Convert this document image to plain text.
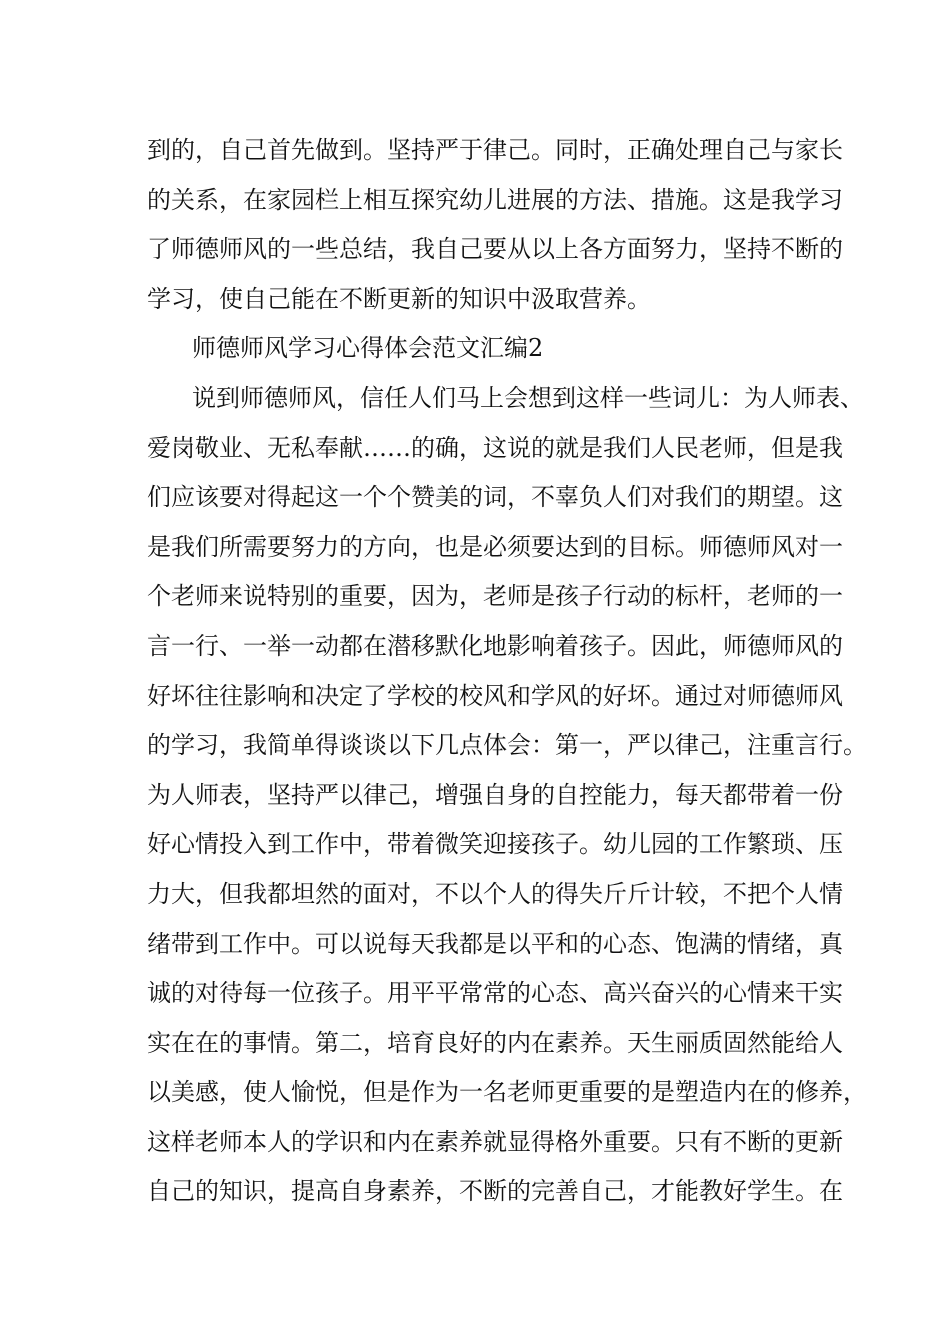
到的，自己首先做到。坚持严于律己。同时，正确处理自己与家长
的关系，在家园栏上相互探究幼儿进展的方法、措施。这是我学习
了师德师风的一些总结，我自己要从以上各方面努力，坚持不断的
学习，使自己能在不断更新的知识中汲取营养。
师德师风学习心得体会范文汇编2
说到师德师风，信任人们马上会想到这样一些词儿：为人师表、
爱岗敬业、无私奉献……的确，这说的就是我们人民老师，但是我
们应该要对得起这一个个赞美的词，不辜负人们对我们的期望。这
是我们所需要努力的方向，也是必须要达到的目标。师德师风对一
个老师来说特别的重要，因为，老师是孩子行动的标杆，老师的一
言一行、一举一动都在潜移默化地影响着孩子。因此，师德师风的
好坏往往影响和决定了学校的校风和学风的好坏。通过对师德师风
的学习，我简单得谈谈以下几点体会：第一，严以律己，注重言行。
为人师表，坚持严以律己，增强自身的自控能力，每天都带着一份
好心情投入到工作中，带着微笑迎接孩子。幼儿园的工作繁琐、压
力大，但我都坦然的面对，不以个人的得失斤斤计较，不把个人情
绪带到工作中。可以说每天我都是以平和的心态、饱满的情绪，真
诚的对待每一位孩子。用平平常常的心态、高兴奋兴的心情来干实
实在在的事情。第二，培育良好的内在素养。天生丽质固然能给人
以美感，使人愉悦，但是作为一名老师更重要的是塑造内在的修养，
这样老师本人的学识和内在素养就显得格外重要。只有不断的更新
自己的知识，提高自身素养，不断的完善自己，才能教好学生。在
